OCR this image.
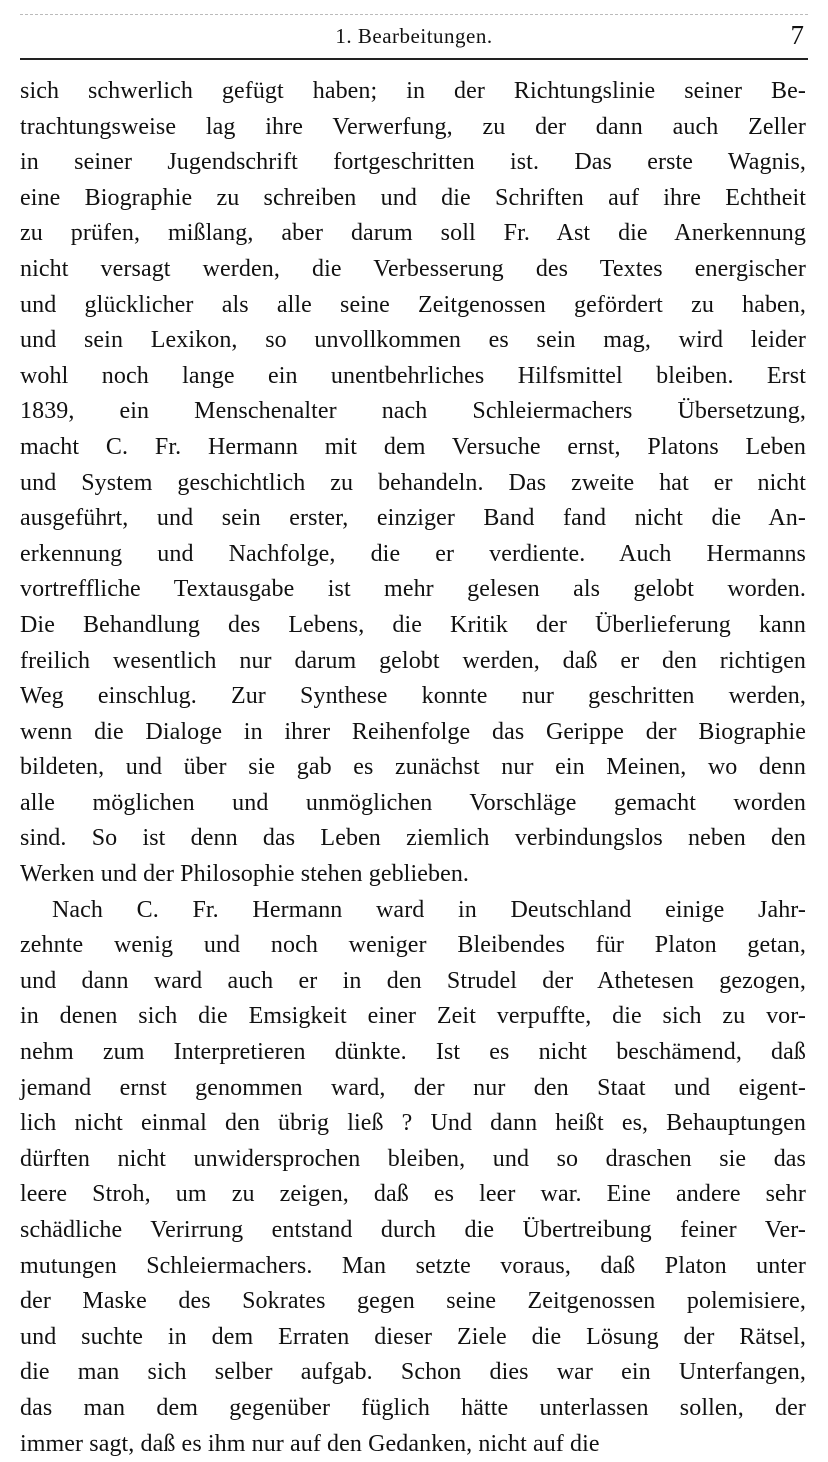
1. Bearbeitungen.	7
sich schwerlich gefügt haben; in der Richtungslinie seiner Be-
trachtungsweise lag ihre Verwerfung, zu der dann auch Zeller
in seiner Jugendschrift fortgeschritten ist. Das erste Wagnis,
eine Biographie zu schreiben und die Schriften auf ihre Echtheit
zu prüfen, mißlang, aber darum soll Fr. Ast die Anerkennung
nicht versagt werden, die Verbesserung des Textes energischer
und glücklicher als alle seine Zeitgenossen gefördert zu haben,
und sein Lexikon, so unvollkommen es sein mag, wird leider
wohl noch lange ein unentbehrliches Hilfsmittel bleiben. Erst
1839, ein Menschenalter nach Schleiermachers Übersetzung,
macht C. Fr. Hermann mit dem Versuche ernst, Platons Leben
und System geschichtlich zu behandeln. Das zweite hat er nicht
ausgeführt, und sein erster, einziger Band fand nicht die An-
erkennung und Nachfolge, die er verdiente. Auch Hermanns
vortreffliche Textausgabe ist mehr gelesen als gelobt worden.
Die Behandlung des Lebens, die Kritik der Überlieferung kann
freilich wesentlich nur darum gelobt werden, daß er den richtigen
Weg einschlug. Zur Synthese konnte nur geschritten werden,
wenn die Dialoge in ihrer Reihenfolge das Gerippe der Biographie
bildeten, und über sie gab es zunächst nur ein Meinen, wo denn
alle möglichen und unmöglichen Vorschläge gemacht worden
sind. So ist denn das Leben ziemlich verbindungslos neben den
Werken und der Philosophie stehen geblieben.
Nach C. Fr. Hermann ward in Deutschland einige Jahr-
zehnte wenig und noch weniger Bleibendes für Platon getan,
und dann ward auch er in den Strudel der Athetesen gezogen,
in denen sich die Emsigkeit einer Zeit verpuffte, die sich zu vor-
nehm zum Interpretieren dünkte. Ist es nicht beschämend, daß
jemand ernst genommen ward, der nur den Staat und eigent-
lich nicht einmal den übrig ließ ? Und dann heißt es, Behauptungen
dürften nicht unwidersprochen bleiben, und so draschen sie das
leere Stroh, um zu zeigen, daß es leer war. Eine andere sehr
schädliche Verirrung entstand durch die Übertreibung feiner Ver-
mutungen Schleiermachers. Man setzte voraus, daß Platon unter
der Maske des Sokrates gegen seine Zeitgenossen polemisiere,
und suchte in dem Erraten dieser Ziele die Lösung der Rätsel,
die man sich selber aufgab. Schon dies war ein Unterfangen,
das man dem gegenüber füglich hätte unterlassen sollen, der
immer sagt, daß es ihm nur auf den Gedanken, nicht auf die
